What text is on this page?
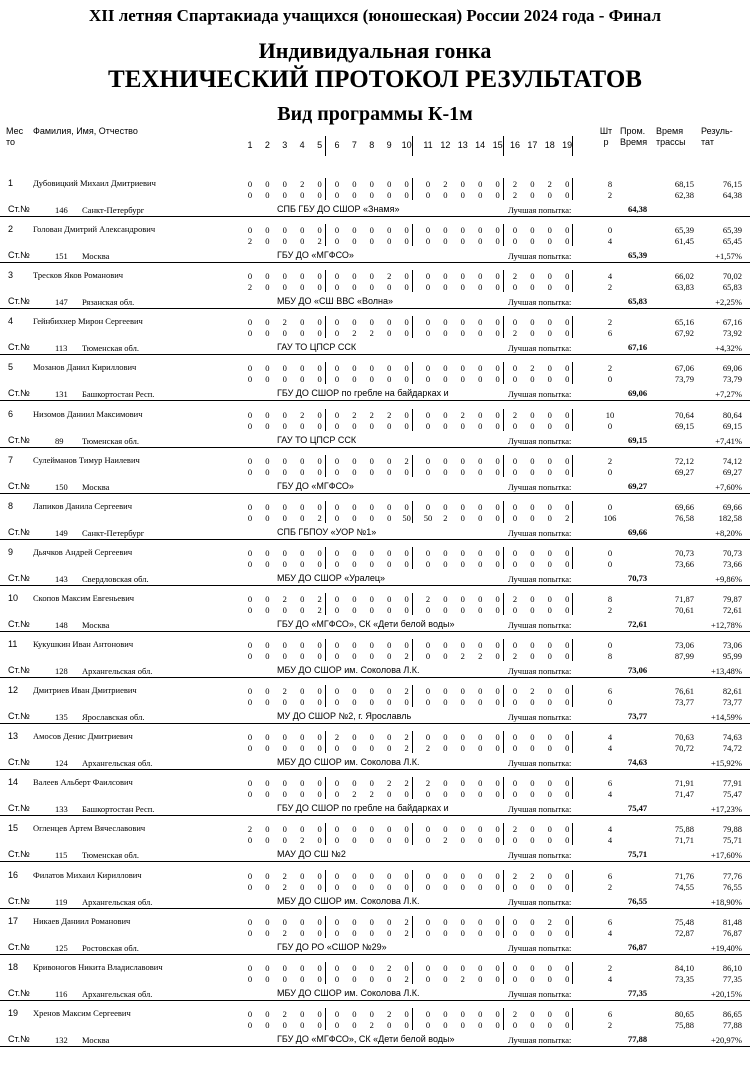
XII летняя Спартакиада учащихся (юношеская) России 2024 года - Финал
Индивидуальная гонка
ТЕХНИЧЕСКИЙ ПРОТОКОЛ РЕЗУЛЬТАТОВ
Вид программы К-1м
Мес то
Фамилия, Имя, Отчество	Шт р
Пром. Время
Время трассы
Резуль- тат
1	2	3	4	5	6	7	8	9	10 11 12 13 14 15 16 17 18 19
1 Дубовицкий Михаил Дмитриевич	0	0	0	2	0	0	0	0	0	0	0	2	0	0	0	2	0	2	0	8	68,15	76,15
0	0	0	0	0	0	0	0	0	0	0	0	0	0	0	2	0	0	0	2	62,38	64,38
Ст.№	146 Санкт-Петербург	СПБ ГБУ ДО СШОР «Знамя»	Лучшая попытка:	64,38
2 Голован Дмитрий Александрович	0	0	0	0	0	0	0	0	0	0	0	0	0	0	0	0	0	0	0	0	65,39	65,39
2	0	0	0	2	0	0	0	0	0	0	0	0	0	0	0	0	0	0	4	61,45	65,45
Ст.№	151 Москва	ГБУ ДО «МГФСО»	Лучшая попытка:	65,39	+1,57%
3 Тресков Яков Романович	0	0	0	0	0	0	0	0	2	0	0	0	0	0	0	2	0	0	0	4	66,02	70,02
2	0	0	0	0	0	0	0	0	0	0	0	0	0	0	0	0	0	0	2	63,83	65,83
Ст.№	147 Рязанская обл.	МБУ ДО «СШ ВВС «Волна»	Лучшая попытка:	65,83	+2,25%
4 Гейнбихнер Мирон Сергеевич	0	0	2	0	0	0	0	0	0	0	0	0	0	0	0	0	0	0	0	2	65,16	67,16
0	0	0	0	0	0	2	2	0	0	0	0	0	0	0	2	0	0	0	6	67,92	73,92
Ст.№	113 Тюменская обл.	ГАУ ТО ЦПСР ССК	Лучшая попытка:	67,16	+4,32%
5 Мозанов Данил Кириллович	0	0	0	0	0	0	0	0	0	0	0	0	0	0	0	0	2	0	0	2	67,06	69,06
0	0	0	0	0	0	0	0	0	0	0	0	0	0	0	0	0	0	0	0	73,79	73,79
Ст.№	131 Башкортостан Респ.	ГБУ ДО СШОР по гребле на байдарках и	Лучшая попытка:	69,06	+7,27%
6 Низомов Даниил Максимович	0	0	0	2	0	0	2	2	2	0	0	0	2	0	0	2	0	0	0	10	70,64	80,64
0	0	0	0	0	0	0	0	0	0	0	0	0	0	0	0	0	0	0	0	69,15	69,15
Ст.№	89 Тюменская обл.	ГАУ ТО ЦПСР ССК	Лучшая попытка:	69,15	+7,41%
7 Сулейманов Тимур Наилевич	0	0	0	0	0	0	0	0	0	2	0	0	0	0	0	0	0	0	0	2	72,12	74,12
0	0	0	0	0	0	0	0	0	0	0	0	0	0	0	0	0	0	0	0	69,27	69,27
Ст.№	150 Москва	ГБУ ДО «МГФСО»	Лучшая попытка:	69,27	+7,60%
8 Лапиков Данила Сергеевич	0	0	0	0	0	0	0	0	0	0	0	0	0	0	0	0	0	0	0	0	69,66	69,66
0	0	0	0	2	0	0	0	0	50	50	2	0	0	0	0	0	0	2	106	76,58	182,58
Ст.№	149 Санкт-Петербург	СПБ ГБПОУ «УОР №1»	Лучшая попытка:	69,66	+8,20%
9 Дьячков Андрей Сергеевич	0	0	0	0	0	0	0	0	0	0	0	0	0	0	0	0	0	0	0	0	70,73	70,73
0	0	0	0	0	0	0	0	0	0	0	0	0	0	0	0	0	0	0	0	73,66	73,66
Ст.№	143 Свердловская обл.	МБУ ДО СШОР «Уралец»	Лучшая попытка:	70,73	+9,86%
10 Скопов Максим Евгеньевич	0	0	2	0	2	0	0	0	0	0	2	0	0	0	0	2	0	0	0	8	71,87	79,87
0	0	0	0	2	0	0	0	0	0	0	0	0	0	0	0	0	0	0	2	70,61	72,61
Ст.№	148 Москва	ГБУ ДО «МГФСО», СК «Дети белой воды»	Лучшая попытка:	72,61	+12,78%
11 Кукушкин Иван Антонович	0	0	0	0	0	0	0	0	0	0	0	0	0	0	0	0	0	0	0	0	73,06	73,06
0	0	0	0	0	0	0	0	0	2	0	0	2	2	0	2	0	0	0	8	87,99	95,99
Ст.№	128 Архангельская обл.	МБУ ДО СШОР им. Соколова Л.К.	Лучшая попытка:	73,06	+13,48%
12 Дмитриев Иван Дмитриевич	0	0	2	0	0	0	0	0	0	2	0	0	0	0	0	0	2	0	0	6	76,61	82,61
0	0	0	0	0	0	0	0	0	0	0	0	0	0	0	0	0	0	0	0	73,77	73,77
Ст.№	135 Ярославская обл.	МУ ДО СШОР №2, г. Ярославль	Лучшая попытка:	73,77	+14,59%
13 Амосов Денис Дмитриевич	0	0	0	0	0	2	0	0	0	2	0	0	0	0	0	0	0	0	0	4	70,63	74,63
0	0	0	0	0	0	0	0	0	2	2	0	0	0	0	0	0	0	0	4	70,72	74,72
Ст.№	124 Архангельская обл.	МБУ ДО СШОР им. Соколова Л.К.	Лучшая попытка:	74,63	+15,92%
14 Валеев Альберт Фаилсович	0	0	0	0	0	0	0	0	2	2	2	0	0	0	0	0	0	0	0	6	71,91	77,91
0	0	0	0	0	0	2	2	0	0	0	0	0	0	0	0	0	0	0	4	71,47	75,47
Ст.№	133 Башкортостан Респ.	ГБУ ДО СШОР по гребле на байдарках и	Лучшая попытка:	75,47	+17,23%
15 Огленцев Артем Вячеславович	2	0	0	0	0	0	0	0	0	0	0	0	0	0	0	2	0	0	0	4	75,88	79,88
0	0	0	2	0	0	0	0	0	0	0	2	0	0	0	0	0	0	0	4	71,71	75,71
Ст.№	115 Тюменская обл.	МАУ ДО СШ №2	Лучшая попытка:	75,71	+17,60%
16 Филатов Михаил Кириллович	0	0	2	0	0	0	0	0	0	0	0	0	0	0	0	2	2	0	0	6	71,76	77,76
0	0	2	0	0	0	0	0	0	0	0	0	0	0	0	0	0	0	0	2	74,55	76,55
Ст.№	119 Архангельская обл.	МБУ ДО СШОР им. Соколова Л.К.	Лучшая попытка:	76,55	+18,90%
17 Никаев Даниил Романович	0	0	0	0	0	0	0	0	0	2	0	0	0	0	0	0	0	2	0	6	75,48	81,48
0	0	2	0	0	0	0	0	0	2	0	0	0	0	0	0	0	0	0	4	72,87	76,87
Ст.№	125 Ростовская обл.	ГБУ ДО РО «СШОР №29»	Лучшая попытка:	76,87	+19,40%
18 Кривоногов Никита Владиславович	0	0	0	0	0	0	0	0	2	0	0	0	0	0	0	0	0	0	0	2	84,10	86,10
0	0	0	0	0	0	0	0	0	2	0	0	2	0	0	0	0	0	0	4	73,35	77,35
Ст.№	116 Архангельская обл.	МБУ ДО СШОР им. Соколова Л.К.	Лучшая попытка:	77,35	+20,15%
19 Хренов Максим Сергеевич	0	0	2	0	0	0	0	0	2	0	0	0	0	0	0	2	0	0	0	6	80,65	86,65
0	0	0	0	0	0	0	2	0	0	0	0	0	0	0	0	0	0	0	2	75,88	77,88
Ст.№	132 Москва	ГБУ ДО «МГФСО», СК «Дети белой воды»	Лучшая попытка:	77,88	+20,97%
